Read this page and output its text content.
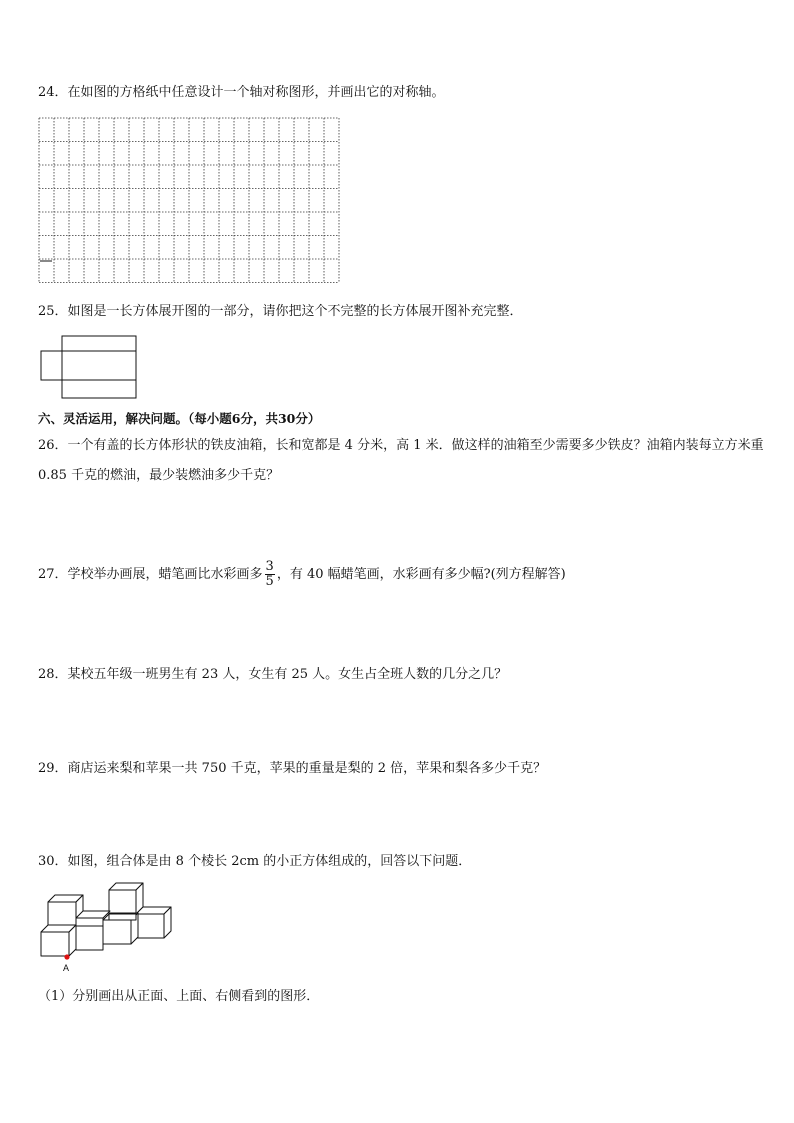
24．在如图的方格纸中任意设计一个轴对称图形，并画出它的对称轴。
25．如图是一长方体展开图的一部分，请你把这个不完整的长方体展开图补充完整．
六、灵活运用，解决问题。（每小题6分，共30分）
26．一个有盖的长方体形状的铁皮油箱，长和宽都是 4 分米，高 1 米．做这样的油箱至少需要多少铁皮？油箱内装每立方米重 0.85 千克的燃油，最少装燃油多少千克？
27．学校举办画展，蜡笔画比水彩画多 $\frac{3}{5}$ ，有 40 幅蜡笔画，水彩画有多少幅?(列方程解答)
28．某校五年级一班男生有 23 人，女生有 25 人。女生占全班人数的几分之几？
29．商店运来梨和苹果一共 750 千克，苹果的重量是梨的 2 倍，苹果和梨各多少千克？
30．如图，组合体是由 8 个棱长 2cm 的小正方体组成的，回答以下问题．
A
（1）分别画出从正面、上面、右侧看到的图形．
